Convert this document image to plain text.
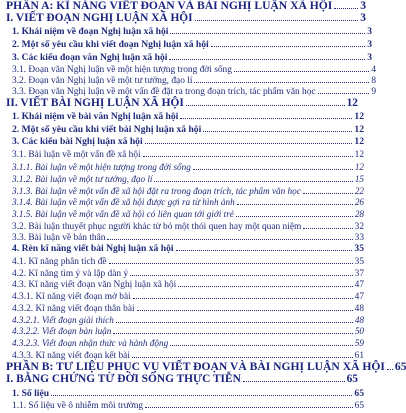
PHẦN A: KĨ NĂNG VIẾT ĐOẠN VÀ BÀI NGHỊ LUẬN XÃ HỘI 3
I. VIẾT ĐOẠN NGHỊ LUẬN XÃ HỘI	3
1. Khái niệm về đoạn Nghị luận xã hội	3
2. Một số yêu cầu khi viết đoạn Nghị luận xã hội	3
3. Các kiểu đoạn văn Nghị luận xã hội	3
3.1. Đoạn văn Nghị luận về một hiện tượng trong đời sống	4
3.2. Đoạn văn Nghị luận về một tư tưởng, đạo lí	8
3.3. Đoạn văn Nghị luận về một vấn đề đặt ra trong đoạn trích, tác phẩm văn học	9
II. VIẾT BÀI NGHỊ LUẬN XÃ HỘI	12
1. Khái niệm về bài văn Nghị luận xã hội	12
2. Một số yêu cầu khi viết bài Nghị luận xã hội	12
3. Các kiểu bài Nghị luận xã hội	12
3.1. Bài luận về một vấn đề xã hội	12
3.1.1. Bài luận về một hiện tượng trong đời sống	12
3.1.2. Bài luận về một tư tưởng, đạo lí	15
3.1.3. Bài luận về một vấn đề xã hội đặt ra trong đoạn trích, tác phẩm văn học	22
3.1.4. Bài luận về một vấn đề xã hội được gợi ra từ hình ảnh	26
3.1.5. Bài luận về một vấn đề xã hội có liên quan tới giới trẻ	28
3.2. Bài luận thuyết phục người khác từ bỏ một thói quen hay một quan niệm	32
3.3. Bài luận về bản thân	33
4. Rèn kĩ năng viết bài Nghị luận xã hội	35
4.1. Kĩ năng phân tích đề	35
4.2. Kĩ năng tìm ý và lập dàn ý	37
4.3. Kĩ năng viết đoạn văn Nghị luận xã hội	47
4.3.1. Kĩ năng viết đoạn mở bài	47
4.3.2. Kĩ năng viết đoạn thân bài	48
4.3.2.1. Viết đoạn giải thích	48
4.3.2.2. Viết đoạn bàn luận	50
4.3.2.3. Viết đoạn nhận thức và hành động	59
4.3.3. Kĩ năng viết đoạn kết bài	61
PHẦN B: TƯ LIỆU PHỤC VỤ VIẾT ĐOẠN VÀ BÀI NGHỊ LUẬN XÃ HỘI 65
I. BẰNG CHỨNG TỪ ĐỜI SỐNG THỰC TIỄN	65
1. Số liệu	65
1.1. Số liệu về ô nhiễm môi trường	65
